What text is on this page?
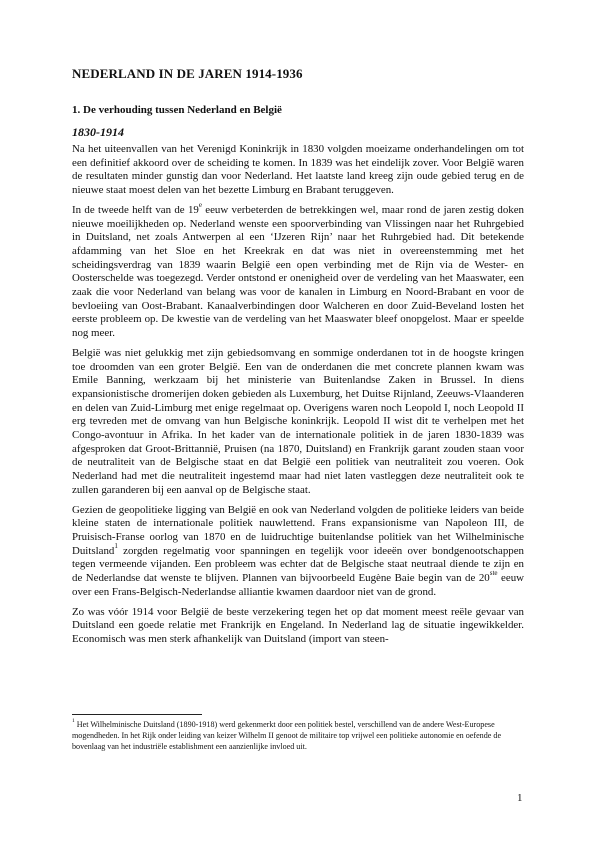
NEDERLAND IN DE JAREN 1914-1936
1. De verhouding tussen Nederland en België
1830-1914

Na het uiteenvallen van het Verenigd Koninkrijk in 1830 volgden moeizame onderhandelingen om tot een definitief akkoord over de scheiding te komen. In 1839 was het eindelijk zover. Voor België waren de resultaten minder gunstig dan voor Nederland. Het laatste land kreeg zijn oude gebied terug en de nieuwe staat moest delen van het bezette Limburg en Brabant teruggeven.

In de tweede helft van de 19e eeuw verbeterden de betrekkingen wel, maar rond de jaren zestig doken nieuwe moeilijkheden op. Nederland wenste een spoorverbinding van Vlissingen naar het Ruhrgebied in Duitsland, net zoals Antwerpen al een ‘IJzeren Rijn’ naar het Ruhrgebied had. Dit betekende afdamming van het Sloe en het Kreekrak en dat was niet in overeenstemming met het scheidingsverdrag van 1839 waarin België een open verbinding met de Rijn via de Wester- en Oosterschelde was toegezegd. Verder ontstond er onenigheid over de verdeling van het Maaswater, een zaak die voor Nederland van belang was voor de kanalen in Limburg en Noord-Brabant en voor de bevloeiing van Oost-Brabant. Kanaalverbindingen door Walcheren en door Zuid-Beveland losten het eerste probleem op. De kwestie van de verdeling van het Maaswater bleef onopgelost. Maar er speelde nog meer.

België was niet gelukkig met zijn gebiedsomvang en sommige onderdanen tot in de hoogste kringen toe droomden van een groter België. Een van de onderdanen die met concrete plannen kwam was Emile Banning, werkzaam bij het ministerie van Buitenlandse Zaken in Brussel. In diens expansionistische dromerijen doken gebieden als Luxemburg, het Duitse Rijnland, Zeeuws-Vlaanderen en delen van Zuid-Limburg met enige regelmaat op. Overigens waren noch Leopold I, noch Leopold II erg tevreden met de omvang van hun Belgische koninkrijk. Leopold II wist dit te verhelpen met het Congo-avontuur in Afrika. In het kader van de internationale politiek in de jaren 1830-1839 was afgesproken dat Groot-Brittannië, Pruisen (na 1870, Duitsland) en Frankrijk garant zouden staan voor de neutraliteit van de Belgische staat en dat België een politiek van neutraliteit zou voeren. Ook Nederland had met die neutraliteit ingestemd maar had niet laten vastleggen deze neutraliteit ook te zullen garanderen bij een aanval op de Belgische staat.

Gezien de geopolitieke ligging van België en ook van Nederland volgden de politieke leiders van beide kleine staten de internationale politiek nauwlettend. Frans expansionisme van Napoleon III, de Pruisisch-Franse oorlog van 1870 en de luidruchtige buitenlandse politiek van het Wilhelminische Duitsland$^1$ zorgden regelmatig voor spanningen en tegelijk voor ideeën over bondgenootschappen tegen vermeende vijanden. Een probleem was echter dat de Belgische staat neutraal diende te zijn en de Nederlandse dat wenste te blijven. Plannen van bijvoorbeeld Eugène Baie begin van de 20ste eeuw over een Frans-Belgisch-Nederlandse alliantie kwamen daardoor niet van de grond.

Zo was vóór 1914 voor België de beste verzekering tegen het op dat moment meest reële gevaar van Duitsland een goede relatie met Frankrijk en Engeland. In Nederland lag de situatie ingewikkelder. Economisch was men sterk afhankelijk van Duitsland (import van steen-

$^1$ Het Wilhelminische Duitsland (1890-1918) werd gekenmerkt door een politiek bestel, verschillend van de andere West-Europese mogendheden. In het Rijk onder leiding van keizer Wilhelm II genoot de militaire top vrijwel een politieke autonomie en oefende de bovenlaag van het industriële establishment een aanzienlijke invloed uit.

1
